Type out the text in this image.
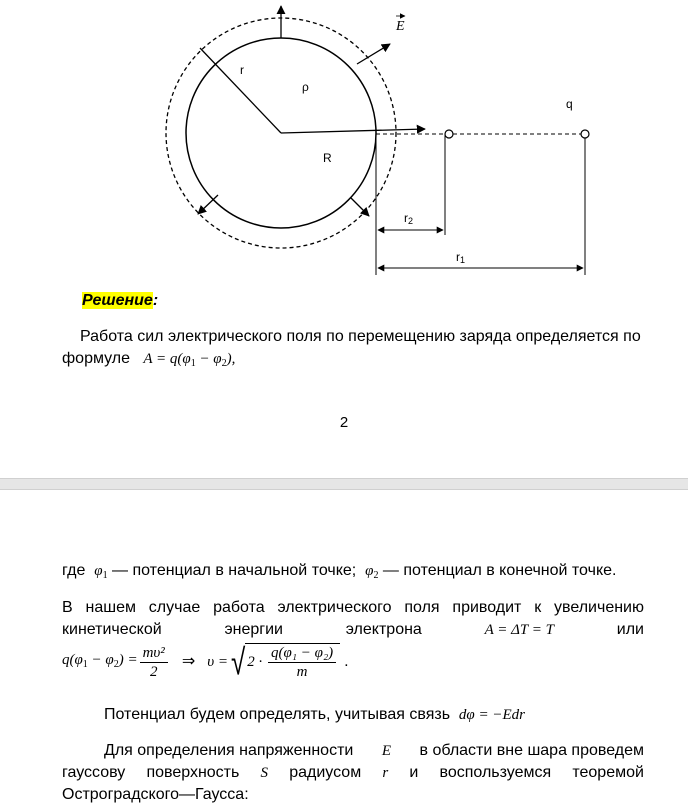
E
r
ρ
q
R
r2
r1
Решение:
Работа сил электрического поля по перемещению заряда определяется по
формуле $A = q(\varphi_1 - \varphi_2)$,
2
где $\varphi_1$ — потенциал в начальной точке; $\varphi_2$ — потенциал в конечной точке.
В нашем случае работа электрического поля приводит к увеличению
кинетической	энергии	электрона	A = ΔT = T	или
$q(\varphi_1 - \varphi_2) = \frac{\text{mυ²}}{2}$ ⇒ υ = √ $2 \cdot \frac{\text{q(φ₁ − φ₂)}}{m}$ .
Потенциал будем определять, учитывая связь dφ = −Edr
Для определения напряженности E в области вне шара проведем
гауссову поверхность S радиусом r и воспользуемся теоремой
Остроградского—Гаусса:
